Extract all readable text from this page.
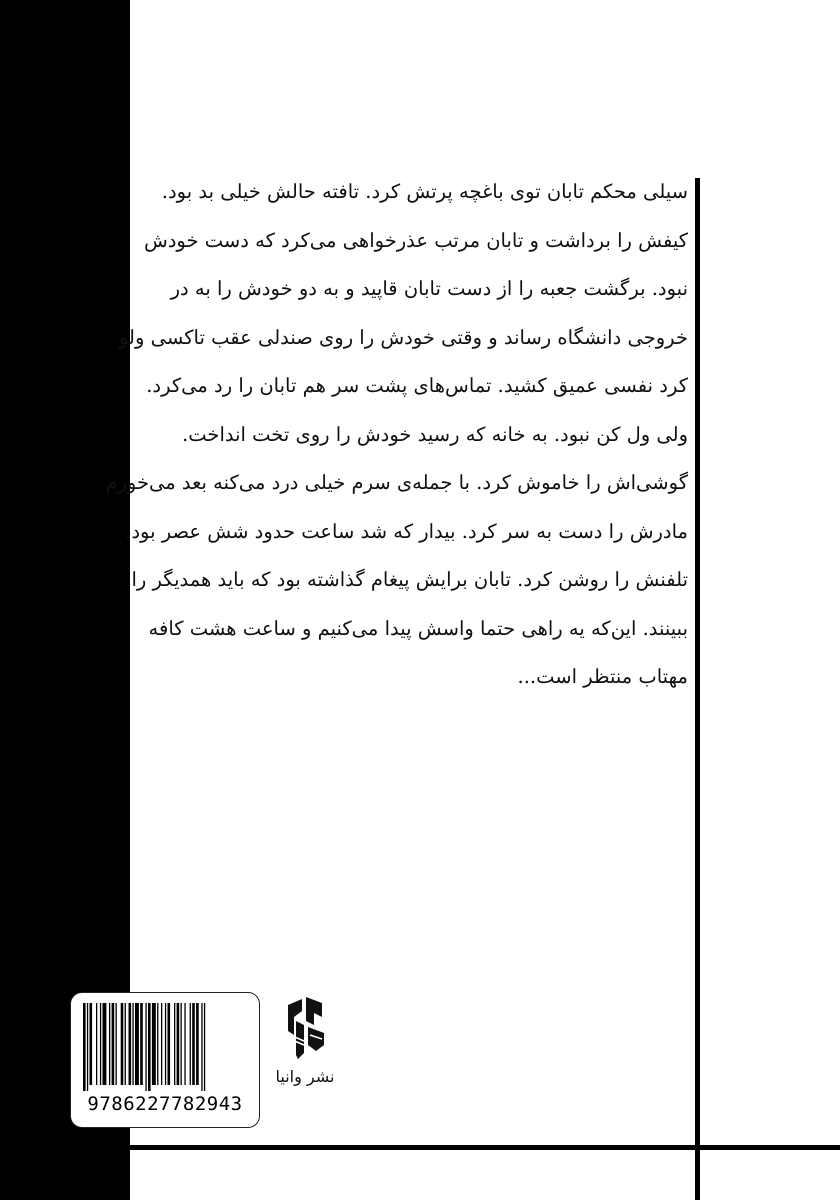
سیلی محکم تابان توی باغچه پرتش کرد. تافته حالش خیلی بد بود.
کیفش را برداشت و تابان مرتب عذرخواهی می‌کرد که دست خودش
نبود. برگشت جعبه را از دست تابان قاپید و به دو خودش را به در
خروجی دانشگاه رساند و وقتی خودش را روی صندلی عقب تاکسی ولو
کرد نفسی عمیق کشید. تماس‌های پشت سر هم تابان را رد می‌کرد.
ولی ول کن نبود. به خانه که رسید خودش را روی تخت انداخت.
گوشی‌اش را خاموش کرد. با جمله‌ی سرم خیلی درد می‌کنه بعد می‌خورم
مادرش را دست به سر کرد. بیدار که شد ساعت حدود شش عصر بود.
تلفنش را روشن کرد. تابان برایش پیغام گذاشته بود که باید همدیگر را
ببینند. این‌که یه راهی حتما واسش پیدا می‌کنیم و ساعت هشت کافه
مهتاب منتظر است...
9786227782943
نشر وانیا
